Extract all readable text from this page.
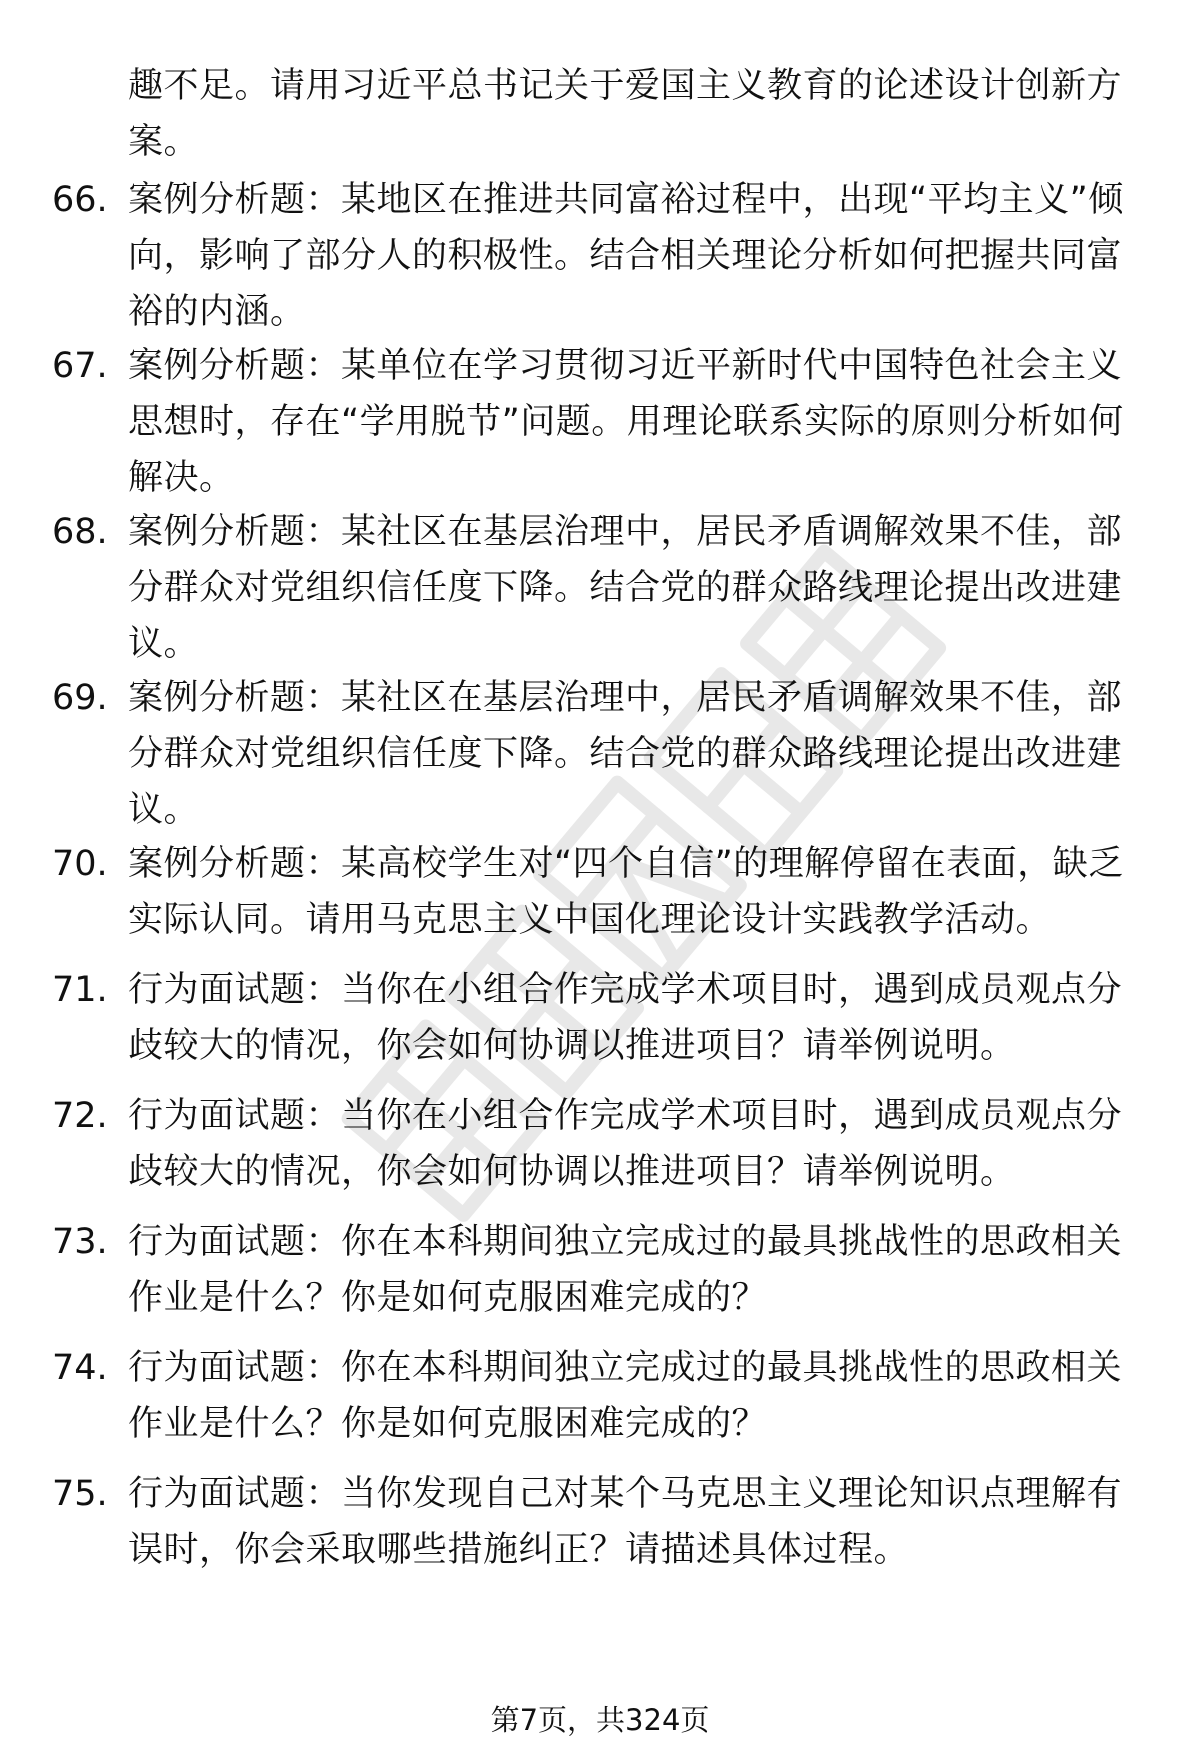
趣不足。请用习近平总书记关于爱国主义教育的论述设计创新方案。
66. 案例分析题：某地区在推进共同富裕过程中，出现“平均主义”倾向，影响了部分人的积极性。结合相关理论分析如何把握共同富裕的内涵。
67. 案例分析题：某单位在学习贯彻习近平新时代中国特色社会主义思想时，存在“学用脱节”问题。用理论联系实际的原则分析如何解决。
68. 案例分析题：某社区在基层治理中，居民矛盾调解效果不佳，部分群众对党组织信任度下降。结合党的群众路线理论提出改进建议。
69. 案例分析题：某社区在基层治理中，居民矛盾调解效果不佳，部分群众对党组织信任度下降。结合党的群众路线理论提出改进建议。
70. 案例分析题：某高校学生对“四个自信”的理解停留在表面，缺乏实际认同。请用马克思主义中国化理论设计实践教学活动。
71. 行为面试题：当你在小组合作完成学术项目时，遇到成员观点分歧较大的情况，你会如何协调以推进项目？请举例说明。
72. 行为面试题：当你在小组合作完成学术项目时，遇到成员观点分歧较大的情况，你会如何协调以推进项目？请举例说明。
73. 行为面试题：你在本科期间独立完成过的最具挑战性的思政相关作业是什么？你是如何克服困难完成的？
74. 行为面试题：你在本科期间独立完成过的最具挑战性的思政相关作业是什么？你是如何克服困难完成的？
75. 行为面试题：当你发现自己对某个马克思主义理论知识点理解有误时，你会采取哪些措施纠正？请描述具体过程。
第7页，共324页
